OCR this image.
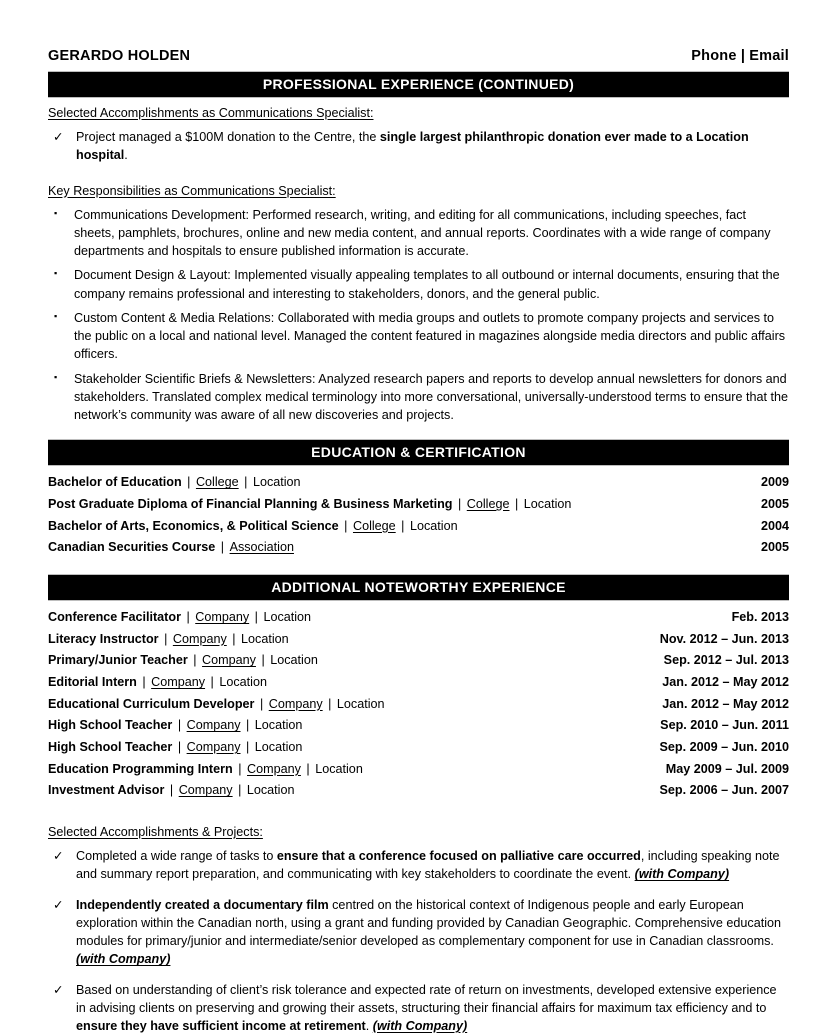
GERARDO HOLDEN	Phone | Email
PROFESSIONAL EXPERIENCE (CONTINUED)
Selected Accomplishments as Communications Specialist:
✓ Project managed a $100M donation to the Centre, the single largest philanthropic donation ever made to a Location hospital.
Key Responsibilities as Communications Specialist:
▪ Communications Development: Performed research, writing, and editing for all communications, including speeches, fact sheets, pamphlets, brochures, online and new media content, and annual reports. Coordinates with a wide range of company departments and hospitals to ensure published information is accurate.
▪ Document Design & Layout: Implemented visually appealing templates to all outbound or internal documents, ensuring that the company remains professional and interesting to stakeholders, donors, and the general public.
▪ Custom Content & Media Relations: Collaborated with media groups and outlets to promote company projects and services to the public on a local and national level. Managed the content featured in magazines alongside media directors and public affairs officers.
▪ Stakeholder Scientific Briefs & Newsletters: Analyzed research papers and reports to develop annual newsletters for donors and stakeholders. Translated complex medical terminology into more conversational, universally-understood terms to ensure that the network’s community was aware of all new discoveries and projects.
EDUCATION & CERTIFICATION
Bachelor of Education | College | Location	2009
Post Graduate Diploma of Financial Planning & Business Marketing | College | Location	2005
Bachelor of Arts, Economics, & Political Science | College | Location	2004
Canadian Securities Course | Association	2005
ADDITIONAL NOTEWORTHY EXPERIENCE
Conference Facilitator | Company | Location	Feb. 2013
Literacy Instructor | Company | Location	Nov. 2012 – Jun. 2013
Primary/Junior Teacher | Company | Location	Sep. 2012 – Jul. 2013
Editorial Intern | Company | Location	Jan. 2012 – May 2012
Educational Curriculum Developer | Company | Location	Jan. 2012 – May 2012
High School Teacher | Company | Location	Sep. 2010 – Jun. 2011
High School Teacher | Company | Location	Sep. 2009 – Jun. 2010
Education Programming Intern | Company | Location	May 2009 – Jul. 2009
Investment Advisor | Company | Location	Sep. 2006 – Jun. 2007
Selected Accomplishments & Projects:
✓ Completed a wide range of tasks to ensure that a conference focused on palliative care occurred, including speaking note and summary report preparation, and communicating with key stakeholders to coordinate the event. (with Company)
✓ Independently created a documentary film centred on the historical context of Indigenous people and early European exploration within the Canadian north, using a grant and funding provided by Canadian Geographic. Comprehensive education modules for primary/junior and intermediate/senior developed as complementary component for use in Canadian classrooms. (with Company)
✓ Based on understanding of client’s risk tolerance and expected rate of return on investments, developed extensive experience in advising clients on preserving and growing their assets, structuring their financial affairs for maximum tax efficiency and to ensure they have sufficient income at retirement. (with Company)
